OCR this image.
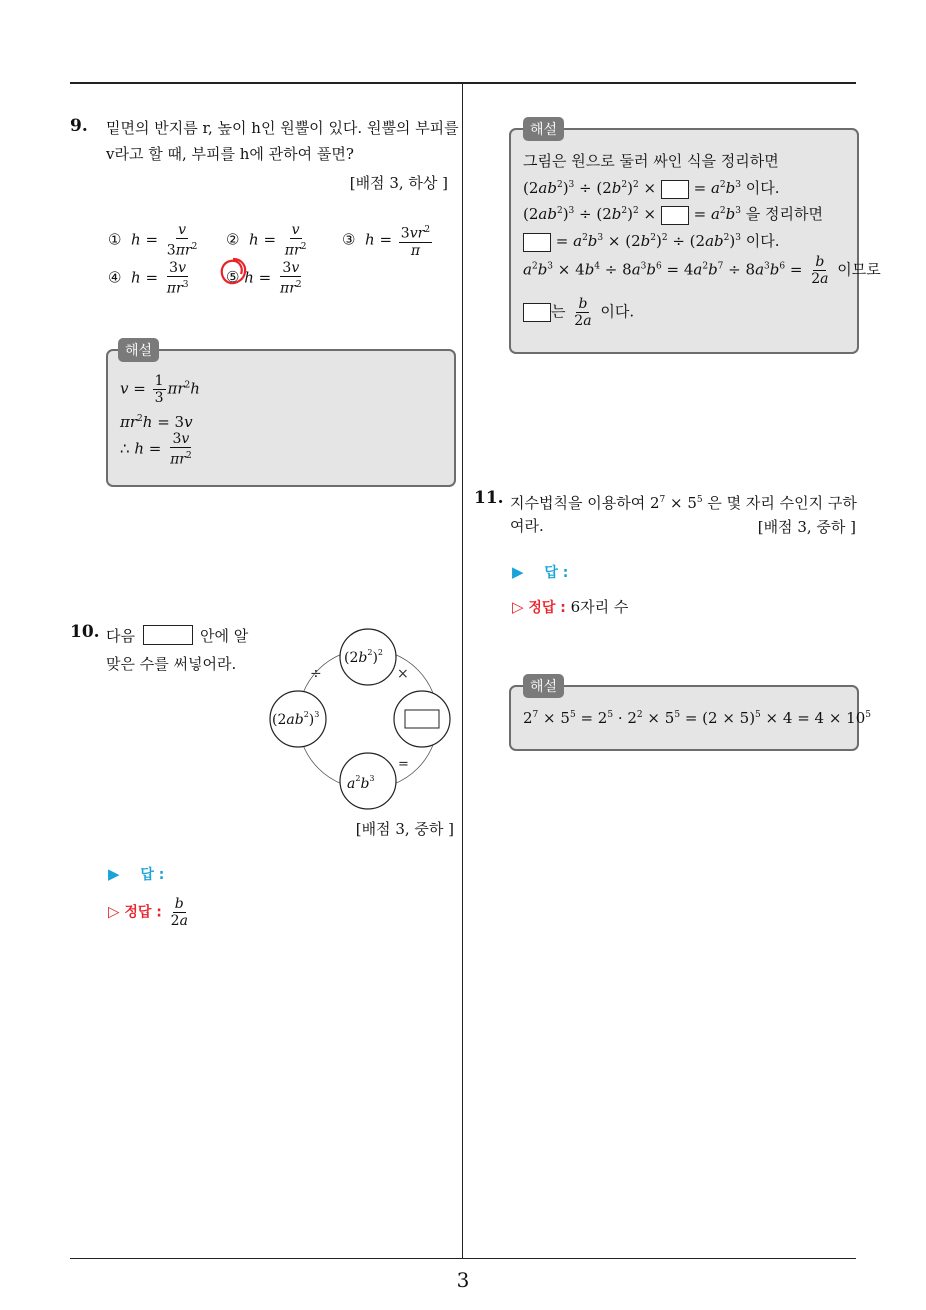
3
9. 밑면의 반지름 r, 높이 h인 원뿔이 있다. 원뿔의 부피를
v라고 할 때, 부피를 h에 관하여 풀면?
[배점 3, 하상 ]
①  $h = \frac{v}{3\pi r^2}$ ②  $h = \frac{v}{\pi r^2}$ ③  $h = \frac{3vr^2}{\pi}$
④  $h = \frac{3v}{\pi r^3}$ ⑤ $h = \frac{3v}{\pi r^2}$
$v = \frac{1}{3} \pi r^2h$
$\pi r^2h = 3v$
∴ $h = \frac{3v}{\pi r^2}$
해설
10. 다음	안에 알
맞은 수를 써넣어라.	$(2b^2)^2$
$(2ab^2)^3$
$a^2b^3$
÷	×
=
[배점 3, 중하 ]
▶ 답 :
▷ 정답 : $\frac{b}{2a}$
그림은 원으로 둘러 싸인 식을 정리하면
$(2ab^2)^3 \div (2b^2)^2$ ×  = $a^2b^3$ 이다.
$(2ab^2)^3 \div (2b^2)^2$ ×  = $a^2b^3$ 을 정리하면
= $a^2b^3 \times (2b^2)^2 \div (2ab^2)^3$ 이다.
$a^2b^3 \times 4b^4 \div 8a^3b^6 = 4a^2b^7 \div 8a^3b^6 = \frac{b}{2a}$ 이므로
는 $\frac{b}{2a}$ 이다.
해설
11. 지수법칙을 이용하여 $2^7 \times 5^5$ 은 몇 자리 수인지 구하
여라.	[배점 3, 중하 ]
▶ 답 :
▷ 정답 : 6자리 수
$2^7 \times 5^5 = 2^5 \cdot 2^2 \times 5^5 = (2 \times 5)^5 \times 4 = 4 \times 10^5$
해설
